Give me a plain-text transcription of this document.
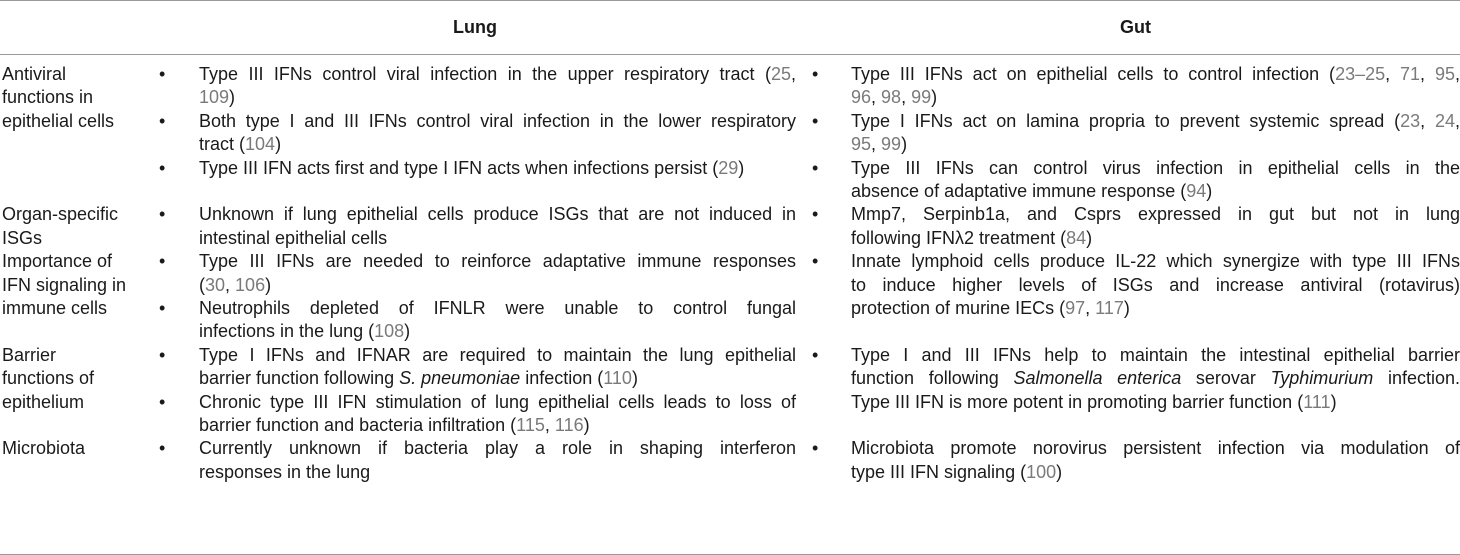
Lung	Gut
Antiviral
functions in
epithelial cells
• Type III IFNs control viral infection in the upper respiratory tract (25,
109)
• Both type I and III IFNs control viral infection in the lower respiratory
tract (104)
• Type III IFN acts first and type I IFN acts when infections persist (29)
• Type III IFNs act on epithelial cells to control infection (23–25, 71, 95,
96, 98, 99)
• Type I IFNs act on lamina propria to prevent systemic spread (23, 24,
95, 99)
• Type III IFNs can control virus infection in epithelial cells in the
absence of adaptative immune response (94)
Organ-specific
ISGs
• Unknown if lung epithelial cells produce ISGs that are not induced in
intestinal epithelial cells
• Mmp7, Serpinb1a, and Csprs expressed in gut but not in lung
following IFNλ2 treatment (84)
Importance of
IFN signaling in
immune cells
• Type III IFNs are needed to reinforce adaptative immune responses
(30, 106)
• Neutrophils depleted of IFNLR were unable to control fungal
infections in the lung (108)
• Innate lymphoid cells produce IL-22 which synergize with type III IFNs
to induce higher levels of ISGs and increase antiviral (rotavirus)
protection of murine IECs (97, 117)
Barrier
functions of
epithelium
• Type I IFNs and IFNAR are required to maintain the lung epithelial
barrier function following S. pneumoniae infection (110)
• Chronic type III IFN stimulation of lung epithelial cells leads to loss of
barrier function and bacteria infiltration (115, 116)
• Type I and III IFNs help to maintain the intestinal epithelial barrier
function following Salmonella enterica serovar Typhimurium infection.
Type III IFN is more potent in promoting barrier function (111)
Microbiota	• Currently unknown if bacteria play a role in shaping interferon
responses in the lung
• Microbiota promote norovirus persistent infection via modulation of
type III IFN signaling (100)
